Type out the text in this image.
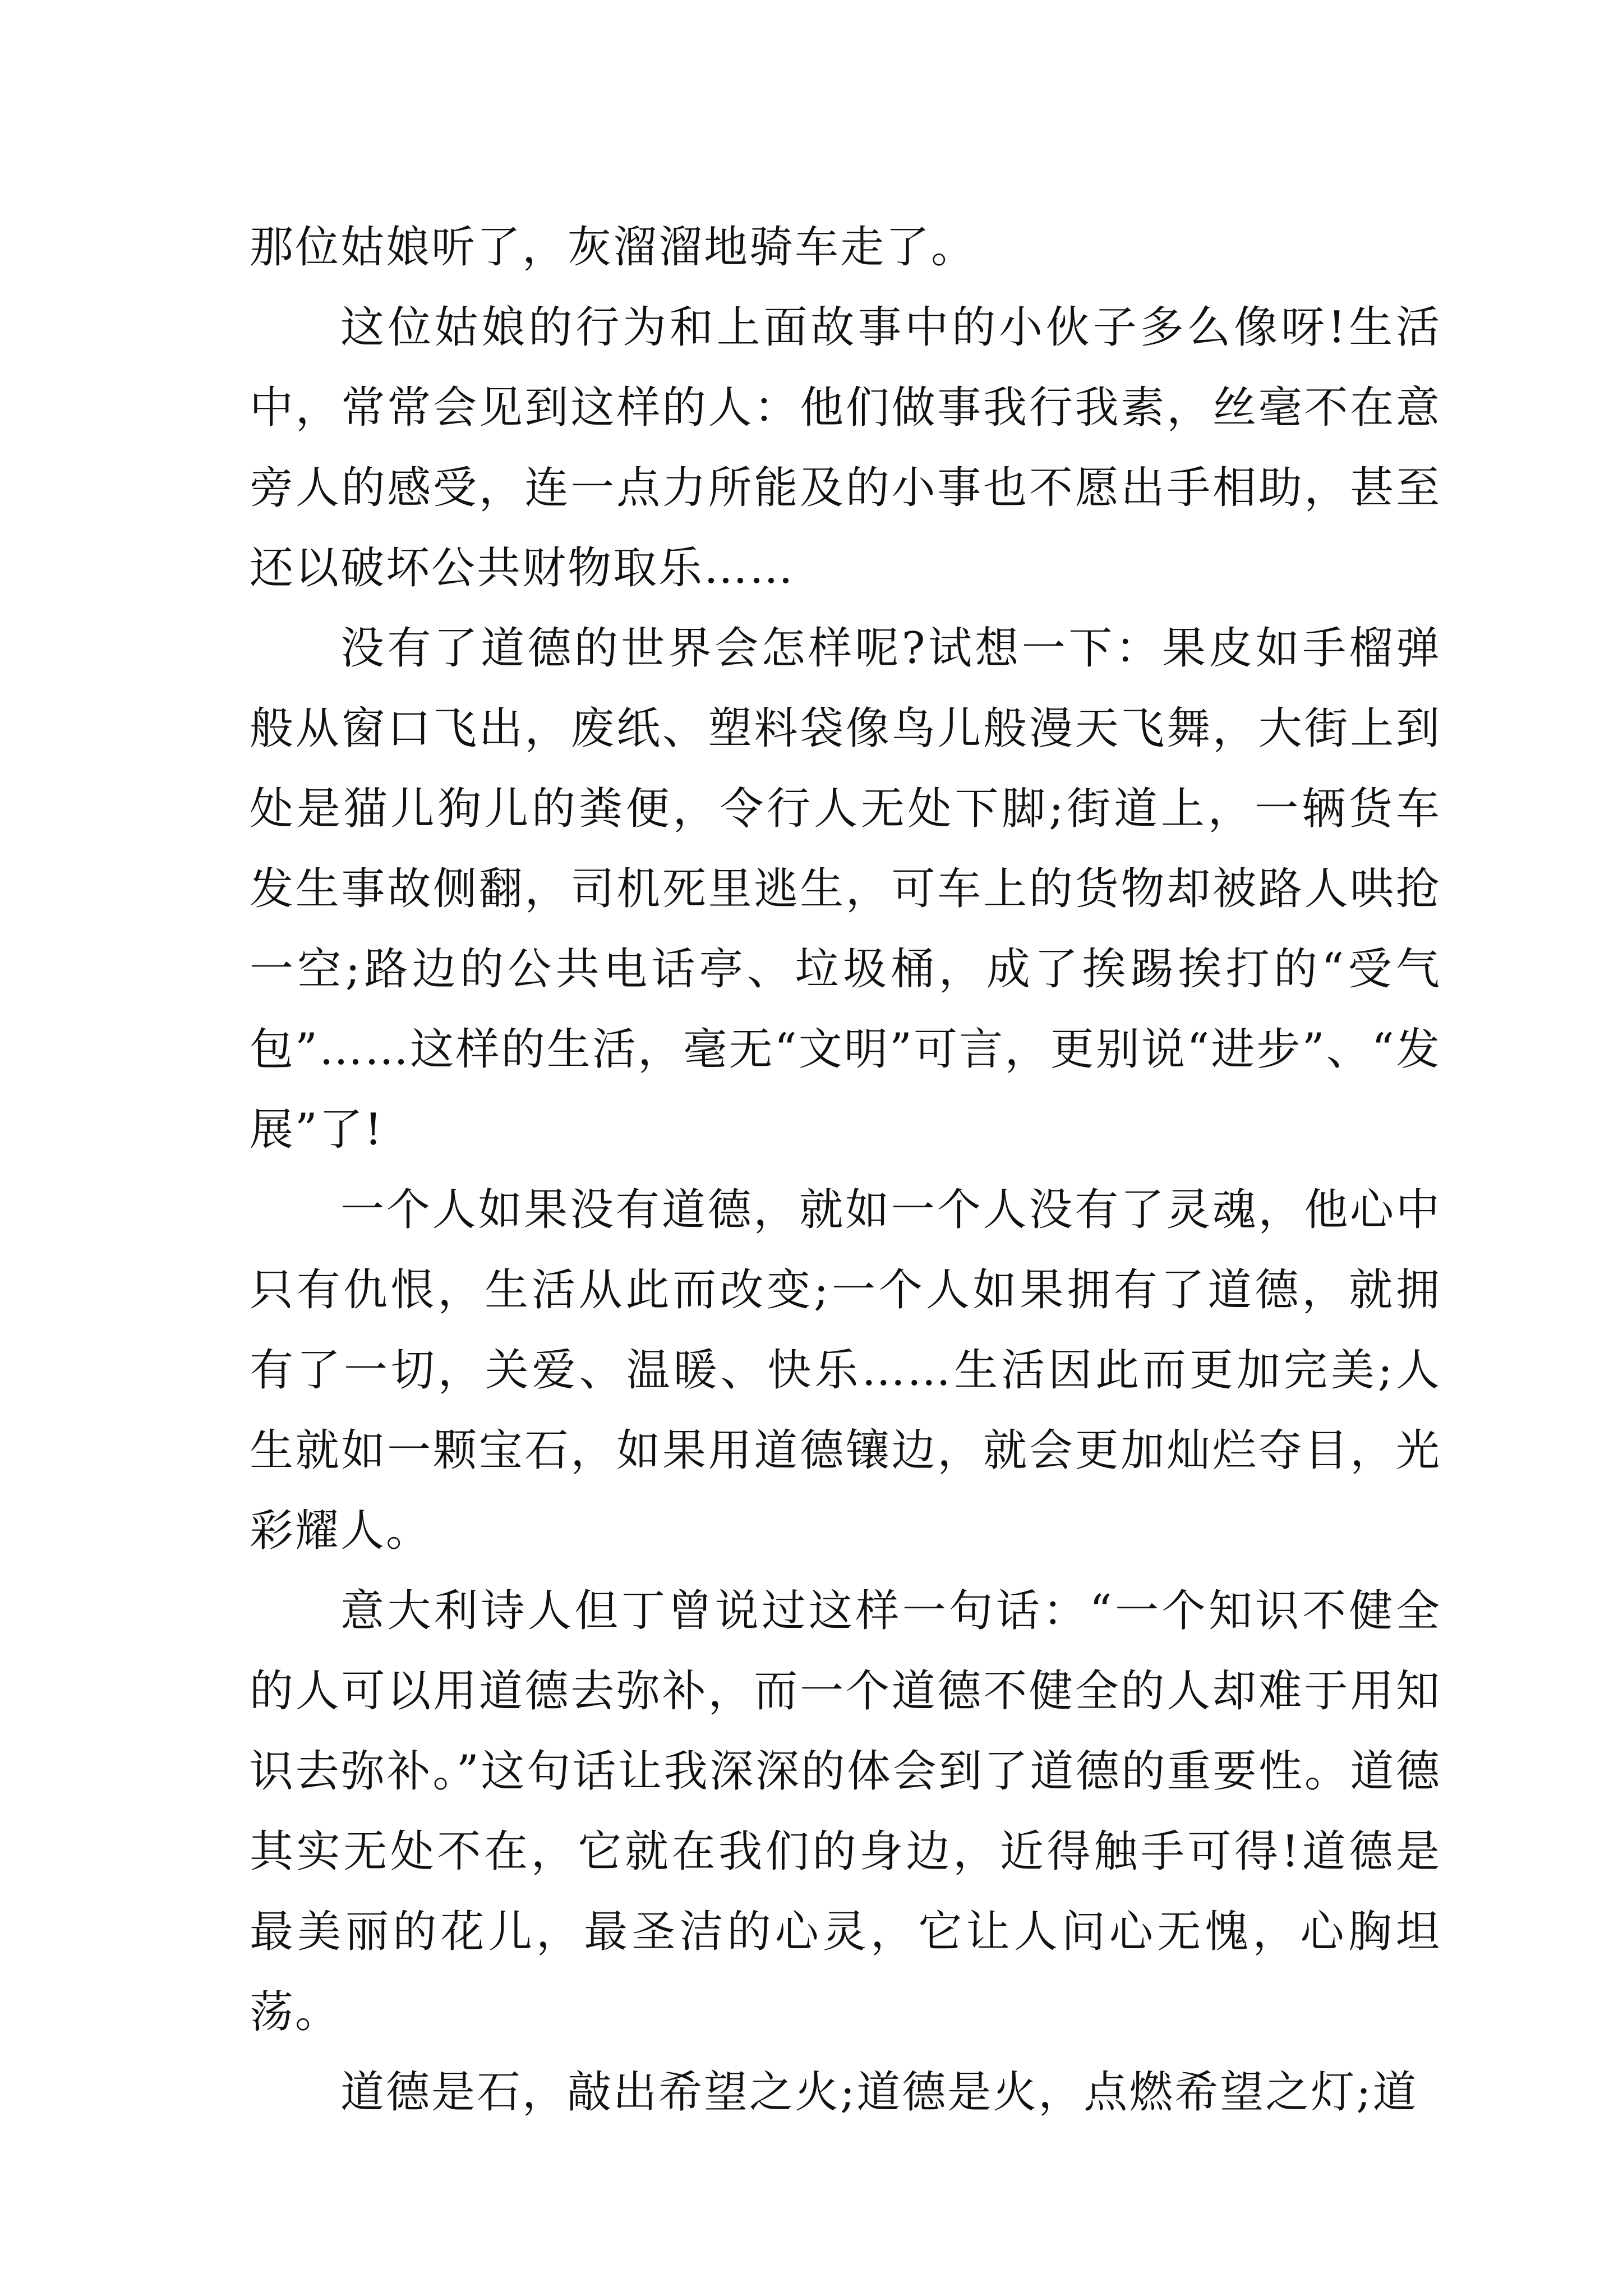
那位姑娘听了，灰溜溜地骑车走了。

这位姑娘的行为和上面故事中的小伙子多么像呀!生活中，常常会见到这样的人：他们做事我行我素，丝毫不在意旁人的感受，连一点力所能及的小事也不愿出手相助，甚至还以破坏公共财物取乐……

没有了道德的世界会怎样呢?试想一下：果皮如手榴弹般从窗口飞出，废纸、塑料袋像鸟儿般漫天飞舞，大街上到处是猫儿狗儿的粪便，令行人无处下脚;街道上，一辆货车发生事故侧翻，司机死里逃生，可车上的货物却被路人哄抢一空;路边的公共电话亭、垃圾桶，成了挨踢挨打的“受气包”……这样的生活，毫无“文明”可言，更别说“进步”、“发展”了!

一个人如果没有道德，就如一个人没有了灵魂，他心中只有仇恨，生活从此而改变;一个人如果拥有了道德，就拥有了一切，关爱、温暖、快乐……生活因此而更加完美;人生就如一颗宝石，如果用道德镶边，就会更加灿烂夺目，光彩耀人。

意大利诗人但丁曾说过这样一句话：“一个知识不健全的人可以用道德去弥补，而一个道德不健全的人却难于用知识去弥补。”这句话让我深深的体会到了道德的重要性。道德其实无处不在，它就在我们的身边，近得触手可得!道德是最美丽的花儿，最圣洁的心灵，它让人问心无愧，心胸坦荡。

道德是石，敲出希望之火;道德是火，点燃希望之灯;道
